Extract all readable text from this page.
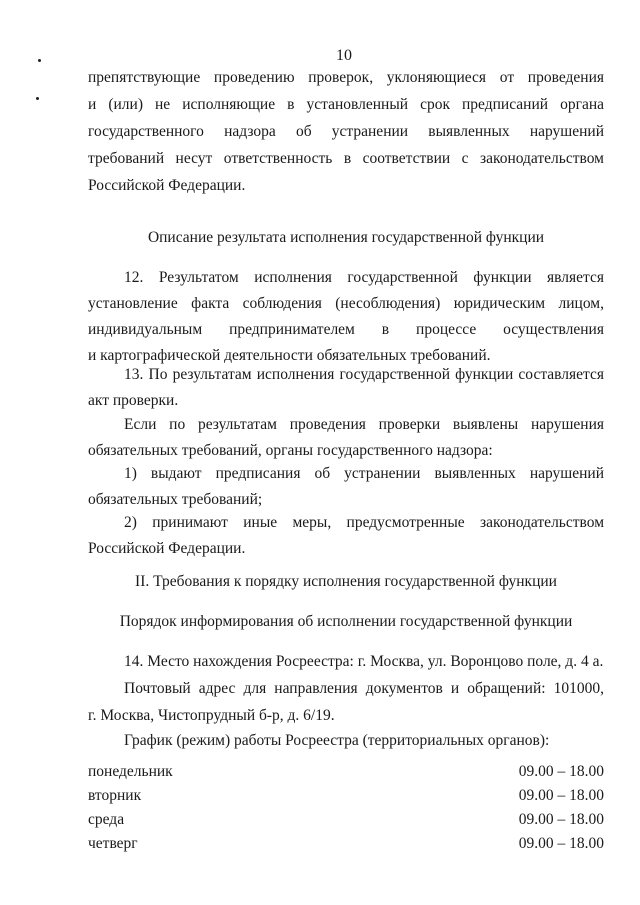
10
препятствующие проведению проверок, уклоняющиеся от проведения
и (или) не исполняющие в установленный срок предписаний органа
государственного надзора об устранении выявленных нарушений
требований несут ответственность в соответствии с законодательством
Российской Федерации.
Описание результата исполнения государственной функции
12. Результатом исполнения государственной функции является
установление факта соблюдения (несоблюдения) юридическим лицом,
индивидуальным предпринимателем в процессе осуществления
и картографической деятельности обязательных требований.
13. По результатам исполнения государственной функции составляется
акт проверки.
Если по результатам проведения проверки выявлены нарушения
обязательных требований, органы государственного надзора:
1) выдают предписания об устранении выявленных нарушений
обязательных требований;
2) принимают иные меры, предусмотренные законодательством
Российской Федерации.
II. Требования к порядку исполнения государственной функции
Порядок информирования об исполнении государственной функции
14. Место нахождения Росреестра: г. Москва, ул. Воронцово поле, д. 4 а.
Почтовый адрес для направления документов и обращений: 101000,
г. Москва, Чистопрудный б-р, д. 6/19.
График (режим) работы Росреестра (территориальных органов):
понедельник	09.00 – 18.00
вторник	09.00 – 18.00
среда	09.00 – 18.00
четверг	09.00 – 18.00
